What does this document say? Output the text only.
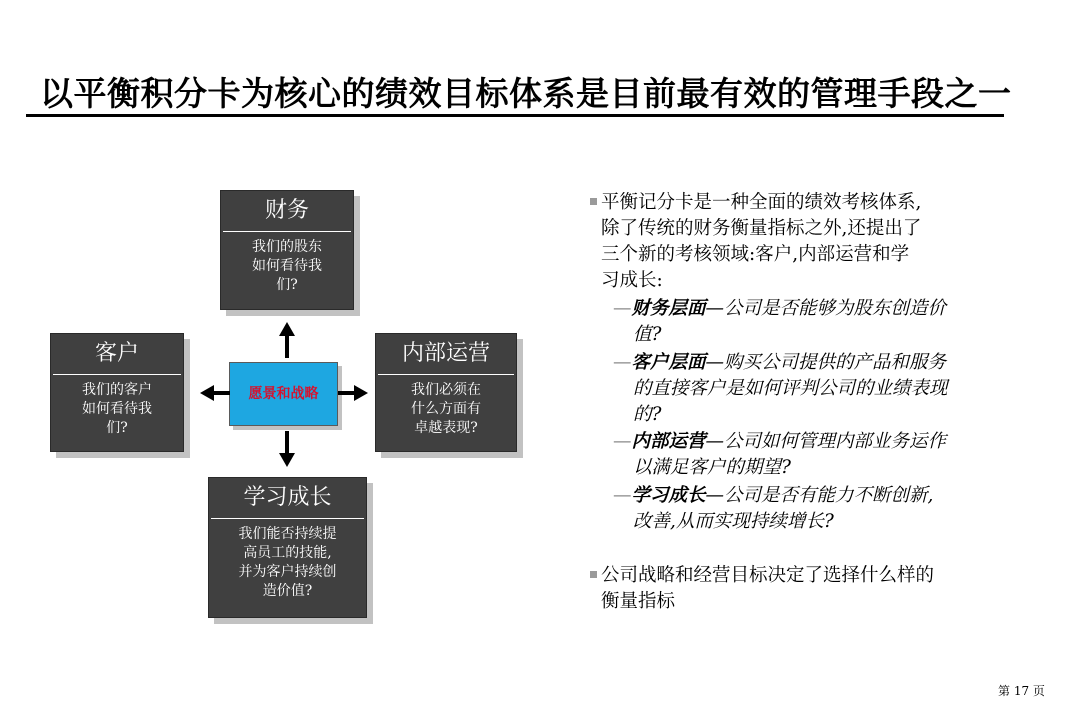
以平衡积分卡为核心的绩效目标体系是目前最有效的管理手段之一
财务
我们的股东
如何看待我
们?
客户
我们的客户
如何看待我
们?
内部运营
我们必须在
什么方面有
卓越表现?
学习成长
我们能否持续提
高员工的技能,
并为客户持续创
造价值?
愿景和战略
平衡记分卡是一种全面的绩效考核体系,
除了传统的财务衡量指标之外,还提出了
三个新的考核领域:客户,内部运营和学
习成长:
—财务层面—公司是否能够为股东创造价
值?
—客户层面—购买公司提供的产品和服务
的直接客户是如何评判公司的业绩表现
的?
—内部运营—公司如何管理内部业务运作
以满足客户的期望?
—学习成长—公司是否有能力不断创新,
改善,从而实现持续增长?
公司战略和经营目标决定了选择什么样的
衡量指标
第 17 页
